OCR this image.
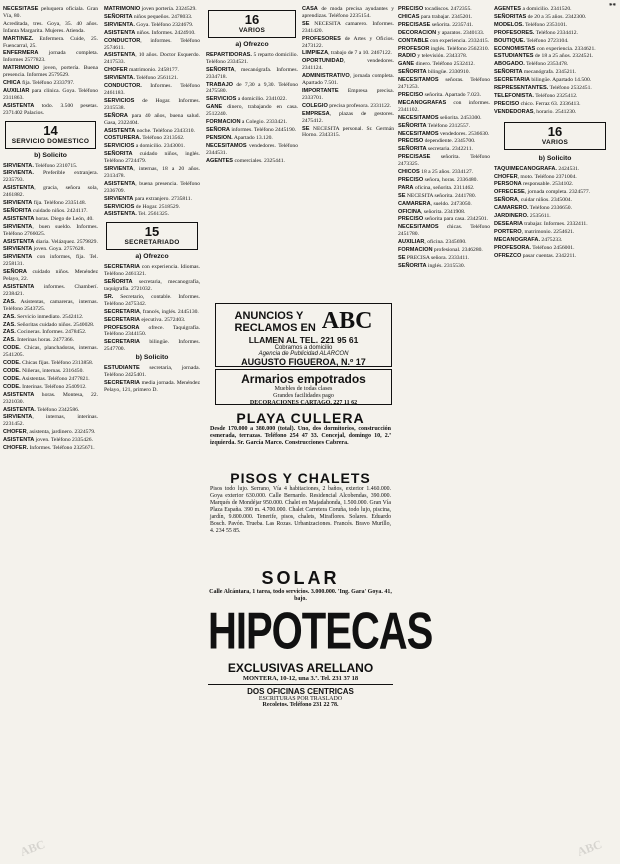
**

NECESITASE peluquera oficiala. Gran Vía, 80.

Acreditada, tres. Goya, 35. 40 años. Infanta Margarita. Mujeres. Atienda.

MARTINEZ. Enfermera. Cuide, 25. Fuencarral, 25.

ENFERMERA jornada completa. Informes 2577823.

MATRIMONIO joven, portería. Buena presencia. Informes 2579529.

CHICA fija. Teléfono 2333797.

AUXILIAR para clínica. Goya. Teléfono 2311863.

ASISTENTA todo. 3.500 pesetas. 2371402 Palacios.

14
SERVICIO DOMESTICO
b) Solicito

SIRVIENTA. Teléfono 2310715.

SIRVIENTA. Preferible extranjera. 2235793.

ASISTENTA, gracia, señora sola, 2461882.

SIRVIENTA fija. Teléfono 2335148.

SEÑORITA cuidado niños. 2424117.

ASISTENTA horas. Diego de León, 40.

SIRVIENTA, buen sueldo. Informes. Teléfono 2766025.

ASISTENTA diaria. Velázquez. 2579829.

SIRVIENTA joven. Goya. 2757628.

SIRVIENTA con informes, fija. Tel. 2258131.

SEÑORA cuidado niños. Menéndez Pelayo, 22.

ASISTENTA informes. Chamberí. 2238421.

ZAS. Asistentas, camareras, internas. Teléfono 2543725.

ZAS. Servicio inmediato. 2542412.

ZAS. Señoritas cuidado niños. 2540028.

ZAS. Cocineras. Informes. 2478452.

ZAS. Interinas horas. 2477366.

CODE. Chicas, planchadoras, internas. 2541205.

CODE. Chicas fijas. Teléfono 2313858.

CODE. Niñeras, internas. 2316450.

CODE. Asistentas. Teléfono 2477821.

CODE. Interinas. Teléfono 2540912.

ASISTENTA horas. Montesa, 22. 2321030.

ASISTENTA. Teléfono 2342586.

SIRVIENTA, internas, interinas. 2231452.

CHOFER, asistenta, jardinero. 2324579.

ASISTENTA joven. Teléfono 2335426.

CHOFER. Informes. Teléfono 2325671.

MATRIMONIO joven portería. 2324529.

SEÑORITA niños pequeños. 2478033.

SIRVIENTA. Goya. Teléfono 2324679.

ASISTENTA niños. Informes. 2424910.

CONDUCTOR, informes. Teléfono 2574611.

ASISTENTA, 10 años. Doctor Esquerdo. 2417533.

CHOFER matrimonio. 2458177.

SIRVIENTA. Teléfono 2561121.

CONDUCTOR. Informes. Teléfono 2461183.

SERVICIOS de Hogar. Informes. 2315538.

SEÑORA para 40 años, buena salud. Gasa, 2322404.

ASISTENTA noche. Teléfono 2343310.

COSTURERA. Teléfono 2313562.

SERVICIOS a domicilio. 2343001.

SEÑORITA cuidado niños, inglés. Teléfono 2724479.

SIRVIENTA, internas, 18 a 20 años. 2313478.

ASISTENTA, buena presencia. Teléfono 2336709.

SIRVIENTA para extranjero. 2735811.

SERVICIOS de Hogar. 2518529.

ASISTENTA. Tel. 2561325.

15
SECRETARIADO
a) Ofrezco

SECRETARIA con experiencia. Idiomas. Teléfono 2461321.

SEÑORITA secretaria, mecanografía, taquigrafía. 2721032.

SR. Secretario, contable. Informes. Teléfono 2475342.

SECRETARIA, francés, inglés. 2445130.

SECRETARIA ejecutiva. 2572403.

PROFESORA ofrece. Taquigrafía. Teléfono 2344150.

SECRETARIA bilingüe. Informes. 2547700.

b) Solicito

ESTUDIANTE secretaria, jornada. Teléfono 2425401.

SECRETARIA media jornada. Menéndez Pelayo, 121, primero D.

16
VARIOS
a) Ofrezco

REPARTIDORAS. 5 reparto domicilio. Teléfono 2334521.

SEÑORITA, mecanógrafa. Informes. 2334718.

TRABAJO de 7,30 a 9,30. Teléfono 2475580.

SERVICIOS a domicilio. 2341022.

GANE dinero, trabajando en casa. 2512240.

FORMACION a Colegio. 2333421.

SEÑORA informes. Teléfono 2445190.

PENSION. Apartado 13.120.

NECESITAMOS vendedores. Teléfono 2344531.

AGENTES comerciales. 2325441.

CASA de moda precisa ayudantes y aprendizas. Teléfono 2235154.

SE NECESITA camarero. Informes. 2341420.

PROFESORES de Artes y Oficios. 2473122.

LIMPIEZA, trabajo de 7 a 10. 2467122.

OPORTUNIDAD, vendedores. 2341124.

ADMINISTRATIVO, jornada completa. Apartado 7.501.

IMPORTANTE Empresa precisa. 2333701.

COLEGIO precisa profesora. 2331122.

EMPRESA, plazas de gestores. 2475412.

SE NECESITA personal. Sr. Germán Horno. 2343315.

PRECISO tocadiscos. 2472355.

CHICAS para trabajar. 2345201.

PRECISASE señorita. 2235741.

DECORACION y aparatos. 2340133.

CONTABLE con experiencia. 2332415.

PROFESOR inglés. Teléfono 2562310.

RADIO y televisión. 2343378.

GANE dinero. Teléfono 2532412.

SEÑORITA bilingüe. 2330910.

NECESITAMOS señoras. Teléfono 2471253.

PRECISO señorita. Apartado 7.023.

MECANOGRAFAS con informes. 2341102.

NECESITAMOS señorita. 2453300.

SEÑORITA Teléfono 2312557.

NECESITAMOS vendedores. 2536630.

PRECISO dependiente. 2345700.

SEÑORITA secretaria. 2342211.

PRECISASE señorita. Teléfono 2473325.

CHICOS 18 a 25 años. 2334127.

PRECISO señora, horas. 2336480.

PARA oficina, señorita. 2311462.

SE NECESITA señorita. 2441780.

CAMARERA, sueldo. 2473050.

OFICINA, señorita. 2341908.

PRECISO señorita para casa. 2342501.

NECESITAMOS chicas. Teléfono 2451780.

AUXILIAR, oficina. 2345690.

FORMACION profesional. 2346280.

SE PRECISA señora. 2333411.

SEÑORITA inglés. 2315530.

AGENTES a domicilio. 2341520.

SEÑORITAS de 20 a 35 años. 2342300.

MODELOS. Teléfono 2353101.

PROFESORES. Teléfono 2334412.

BOUTIQUE. Teléfono 2723104.

ECONOMISTAS con experiencia. 2334621.

ESTUDIANTES de 18 a 25 años. 2324521.

ABOGADO. Teléfono 2353478.

SEÑORITA mecanógrafa. 2345211.

SECRETARIA bilingüe. Apartado 14.500.

REPRESENTANTES. Teléfono 2532451.

TELEFONISTA. Teléfono 2325412.

PRECISO chico. Ferraz 63. 2336413.

VENDEDORAS, horario. 2541230.

16
VARIOS
b) Solicito

TAQUIMECANOGRAFA. 2424531.

CHOFER, moto. Teléfono 2371004.

PERSONA responsable. 2534102.

OFRECESE, jornada completa. 2324577.

SEÑORA, cuidar niños. 2345004.

CAMARERO. Teléfono 2336650.

JARDINERO. 2535611.

DESEARIA trabajar. Informes. 2332411.

PORTERO, matrimonio. 2254621.

MECANOGRAFA. 2475233.

PROFESORA. Teléfono 2456001.

OFREZCO pasar cuentas. 2342211.

ANUNCIOS Y
RECLAMOS EN ABC
LLAMEN AL TEL. 221 95 61
Cobramos a domicilio
Agencia de Publicidad ALARCON
AUGUSTO FIGUEROA, N.º 17
Armarios empotrados
Muebles de todas clases
Grandes facilidades pago
DECORACIONES CARTAGO. 227 11 62
PLAYA CULLERA
Desde 170.000 a 380.000 (total). Uno, dos dormitorios, construcción esmerada, terrazas. Teléfono 254 47 33. Concejal, domingo 10, 2.ª izquierda. Sr. García Marco. Construcciones Cabrera.
PISOS Y CHALETS
Pisos todo lujo. Serrano, Vía 4 habitaciones, 2 baños, exterior 1.460.000. Goya exterior 630.000. Calle Bernardo. Residencial Alcobendas, 390.000. Marqués de Mondéjar 950.000. Chalet en Majadahonda, 1.500.000. Gran Vía Plaza España. 390 m. 4.700.000. Chalet Carretera Coruña, todo lujo, piscina, jardín, 9.800.000. Tenerife, pisos, chalets, Miraflores. Solares. Eduardo Bosch. Pavón. Trueba. Las Rozas. Urbanizaciones. Francés. Bravo Murillo, 4. 234 55 85.
SOLAR
Calle Alcántara, 1 tarea, todo servicios. 3.000.000. 'Ing. Gara' Goya. 41, bajo.
HIPOTECAS
EXCLUSIVAS ARELLANO
MONTERA, 10-12, una 3.ª. Tel. 231 37 18
DOS OFICINAS CENTRICAS
ESCRITURAS POR TRASLADO
Recoletos. Teléfono 231 22 78.
ABC	ABC
